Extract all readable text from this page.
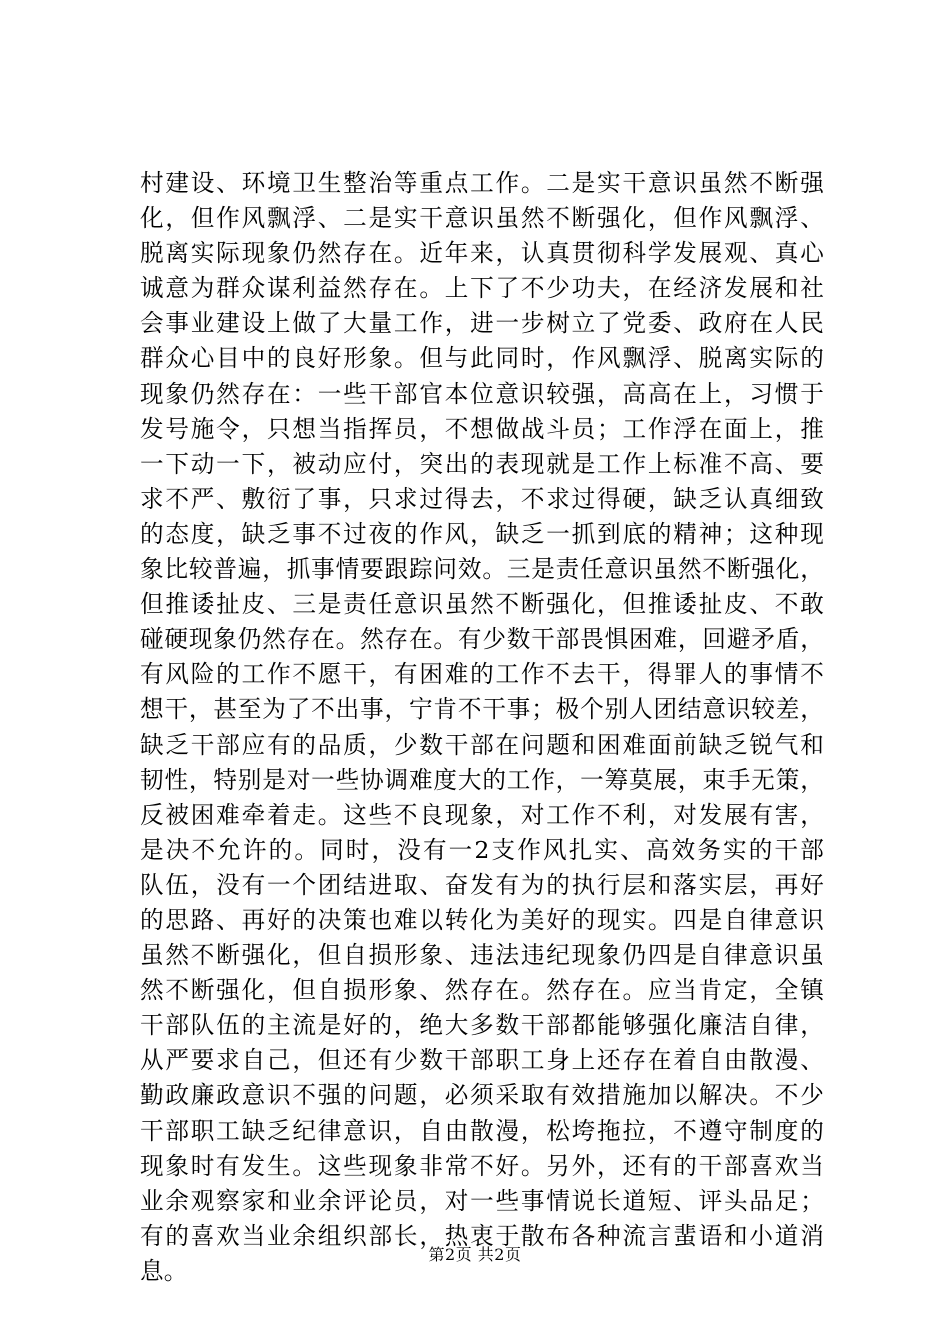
村建设、环境卫生整治等重点工作。二是实干意识虽然不断强
化，但作风飘浮、二是实干意识虽然不断强化，但作风飘浮、
脱离实际现象仍然存在。近年来，认真贯彻科学发展观、真心
诚意为群众谋利益然存在。上下了不少功夫，在经济发展和社
会事业建设上做了大量工作，进一步树立了党委、政府在人民
群众心目中的良好形象。但与此同时，作风飘浮、脱离实际的
现象仍然存在：一些干部官本位意识较强，高高在上，习惯于
发号施令，只想当指挥员，不想做战斗员；工作浮在面上，推
一下动一下，被动应付，突出的表现就是工作上标准不高、要
求不严、敷衍了事，只求过得去，不求过得硬，缺乏认真细致
的态度，缺乏事不过夜的作风，缺乏一抓到底的精神；这种现
象比较普遍，抓事情要跟踪问效。三是责任意识虽然不断强化，
但推诿扯皮、三是责任意识虽然不断强化，但推诿扯皮、不敢
碰硬现象仍然存在。然存在。有少数干部畏惧困难，回避矛盾，
有风险的工作不愿干，有困难的工作不去干，得罪人的事情不
想干，甚至为了不出事，宁肯不干事；极个别人团结意识较差，
缺乏干部应有的品质，少数干部在问题和困难面前缺乏锐气和
韧性，特别是对一些协调难度大的工作，一筹莫展，束手无策，
反被困难牵着走。这些不良现象，对工作不利，对发展有害，
是决不允许的。同时，没有一2支作风扎实、高效务实的干部
队伍，没有一个团结进取、奋发有为的执行层和落实层，再好
的思路、再好的决策也难以转化为美好的现实。四是自律意识
虽然不断强化，但自损形象、违法违纪现象仍四是自律意识虽
然不断强化，但自损形象、然存在。然存在。应当肯定，全镇
干部队伍的主流是好的，绝大多数干部都能够强化廉洁自律，
从严要求自己，但还有少数干部职工身上还存在着自由散漫、
勤政廉政意识不强的问题，必须采取有效措施加以解决。不少
干部职工缺乏纪律意识，自由散漫，松垮拖拉，不遵守制度的
现象时有发生。这些现象非常不好。另外，还有的干部喜欢当
业余观察家和业余评论员，对一些事情说长道短、评头品足；
有的喜欢当业余组织部长，热衷于散布各种流言蜚语和小道消
息。
第2页 共2页
